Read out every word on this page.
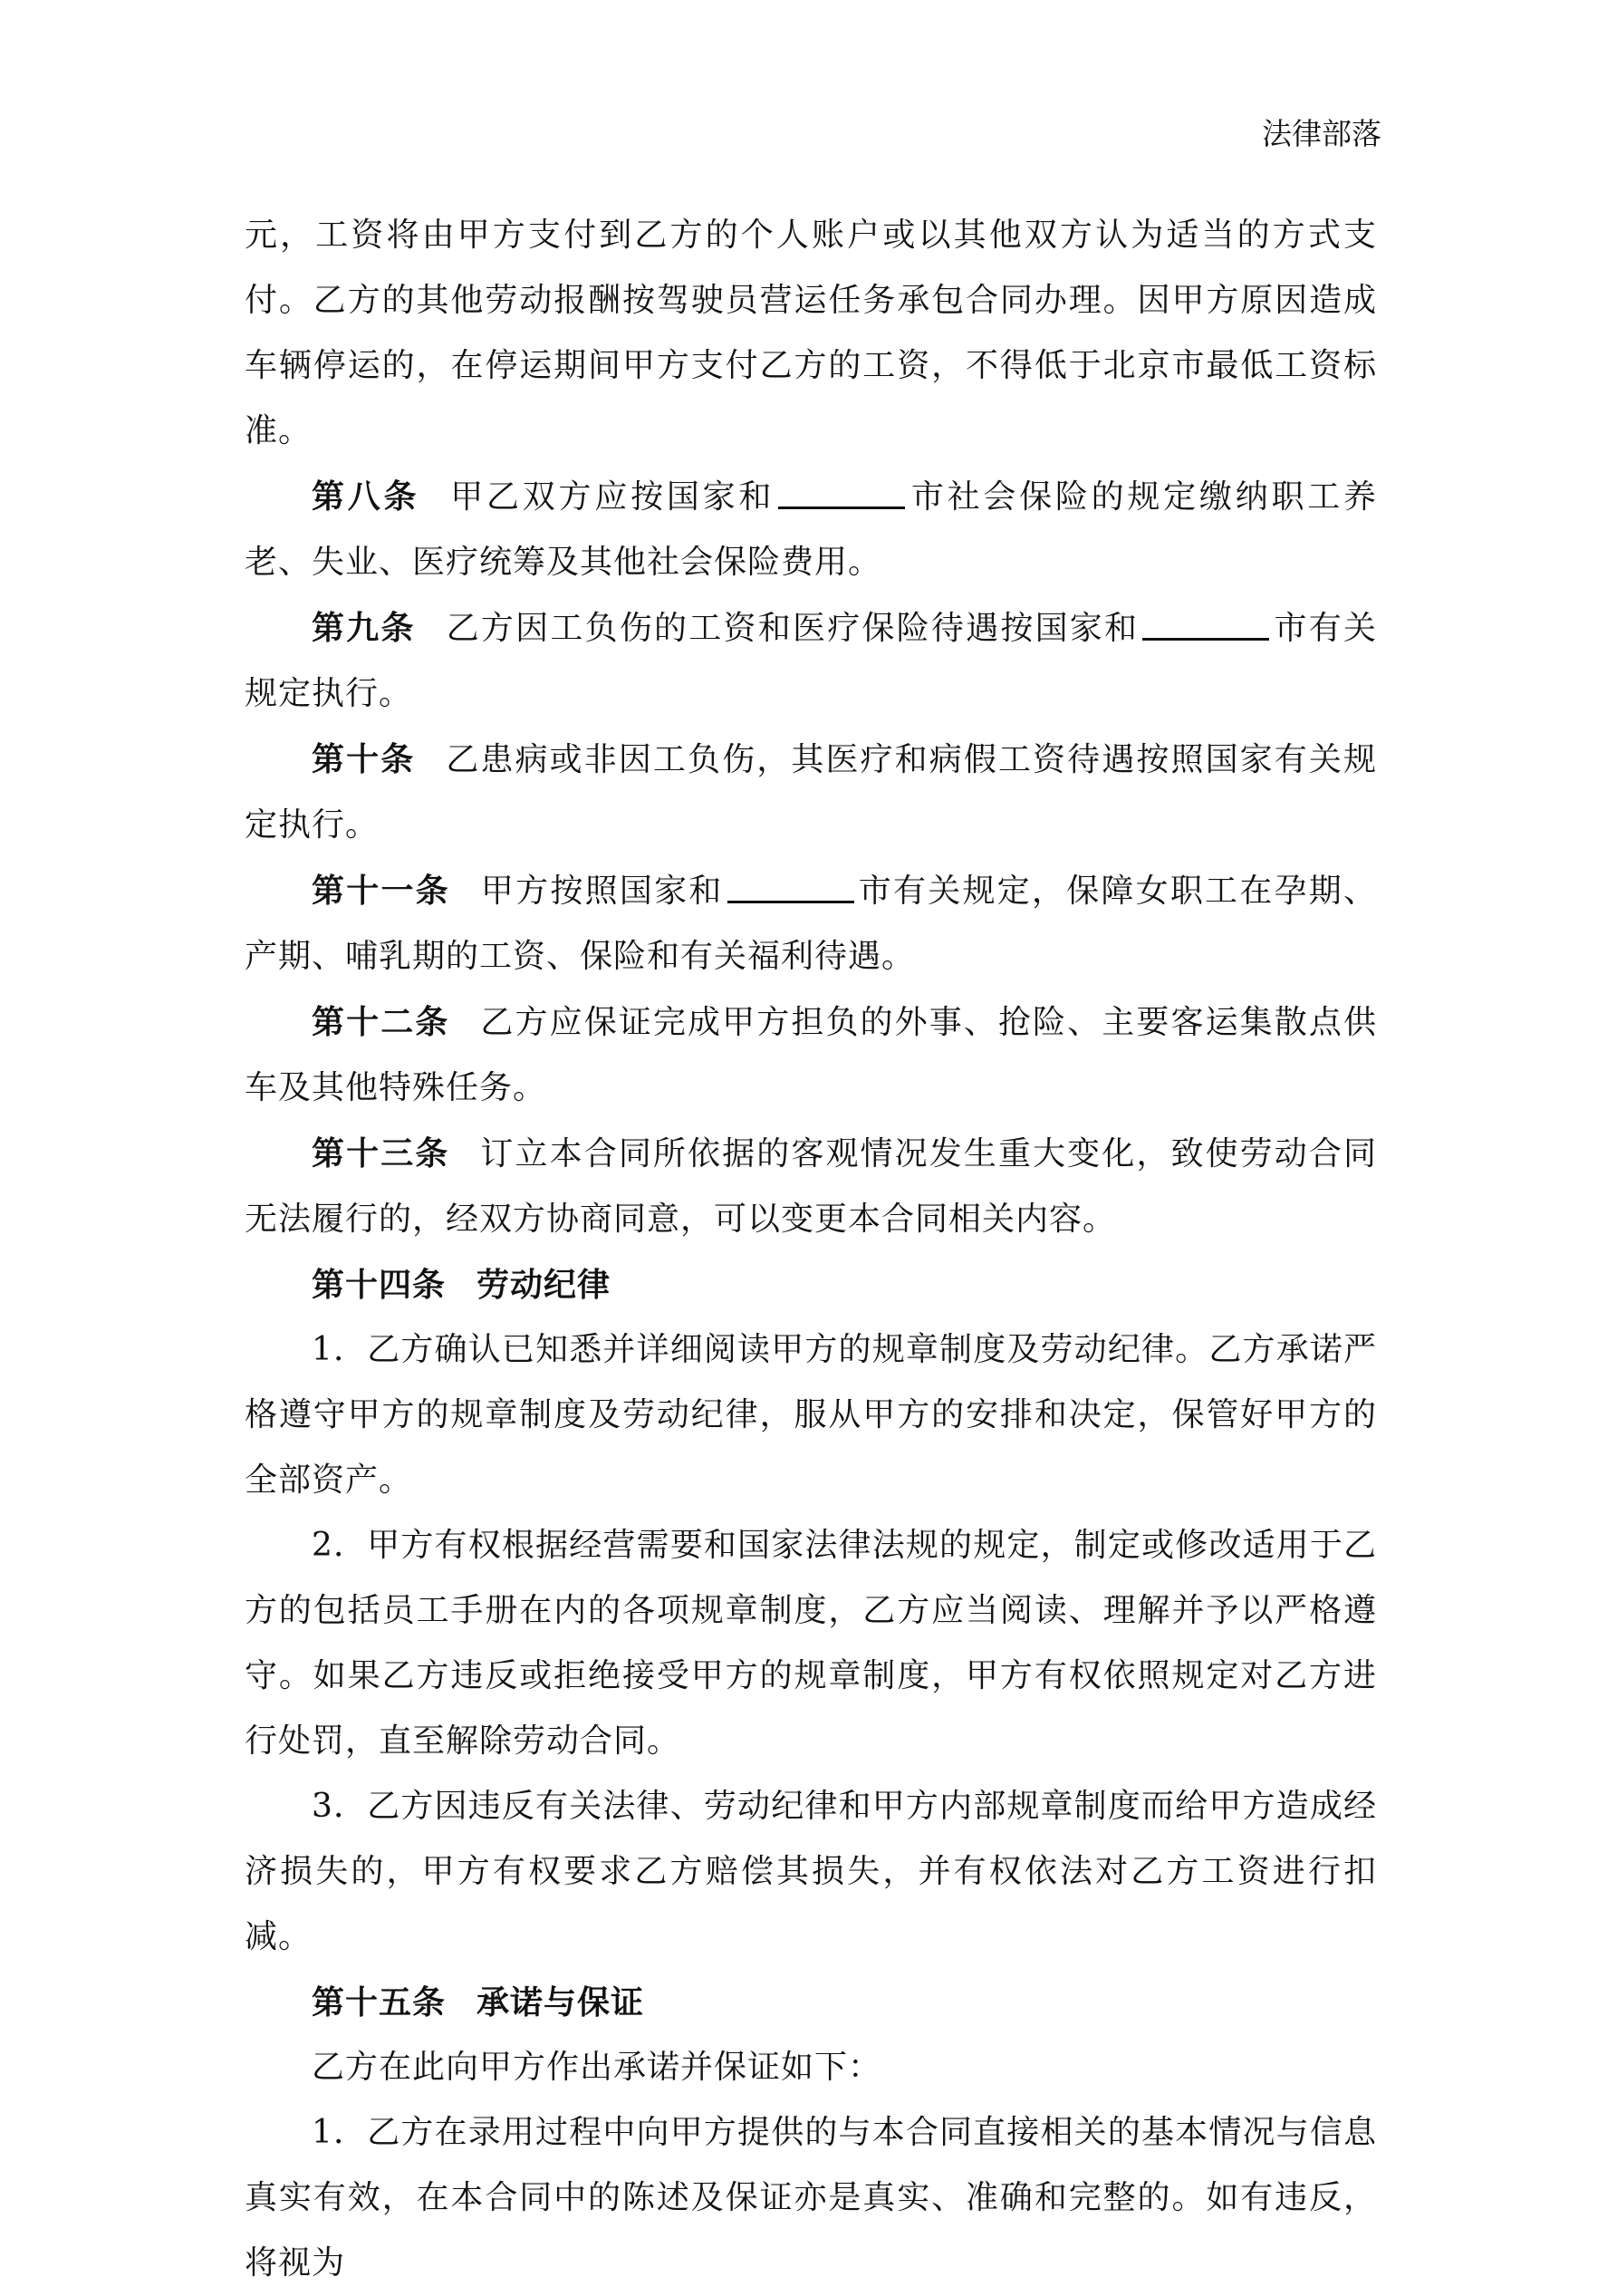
法律部落

元，工资将由甲方支付到乙方的个人账户或以其他双方认为适当的方式支付。乙方的其他劳动报酬按驾驶员营运任务承包合同办理。因甲方原因造成车辆停运的，在停运期间甲方支付乙方的工资，不得低于北京市最低工资标准。

第八条 甲乙双方应按国家和	市社会保险的规定缴纳职工养老、失业、医疗统筹及其他社会保险费用。

第九条 乙方因工负伤的工资和医疗保险待遇按国家和	市有关规定执行。

第十条 乙患病或非因工负伤，其医疗和病假工资待遇按照国家有关规定执行。

第十一条 甲方按照国家和	市有关规定，保障女职工在孕期、产期、哺乳期的工资、保险和有关福利待遇。

第十二条 乙方应保证完成甲方担负的外事、抢险、主要客运集散点供车及其他特殊任务。

第十三条 订立本合同所依据的客观情况发生重大变化，致使劳动合同无法履行的，经双方协商同意，可以变更本合同相关内容。

第十四条 劳动纪律

1．乙方确认已知悉并详细阅读甲方的规章制度及劳动纪律。乙方承诺严格遵守甲方的规章制度及劳动纪律，服从甲方的安排和决定，保管好甲方的全部资产。

2．甲方有权根据经营需要和国家法律法规的规定，制定或修改适用于乙方的包括员工手册在内的各项规章制度，乙方应当阅读、理解并予以严格遵守。如果乙方违反或拒绝接受甲方的规章制度，甲方有权依照规定对乙方进行处罚，直至解除劳动合同。

3．乙方因违反有关法律、劳动纪律和甲方内部规章制度而给甲方造成经济损失的，甲方有权要求乙方赔偿其损失，并有权依法对乙方工资进行扣减。

第十五条 承诺与保证

乙方在此向甲方作出承诺并保证如下：

1．乙方在录用过程中向甲方提供的与本合同直接相关的基本情况与信息真实有效，在本合同中的陈述及保证亦是真实、准确和完整的。如有违反，将视为
